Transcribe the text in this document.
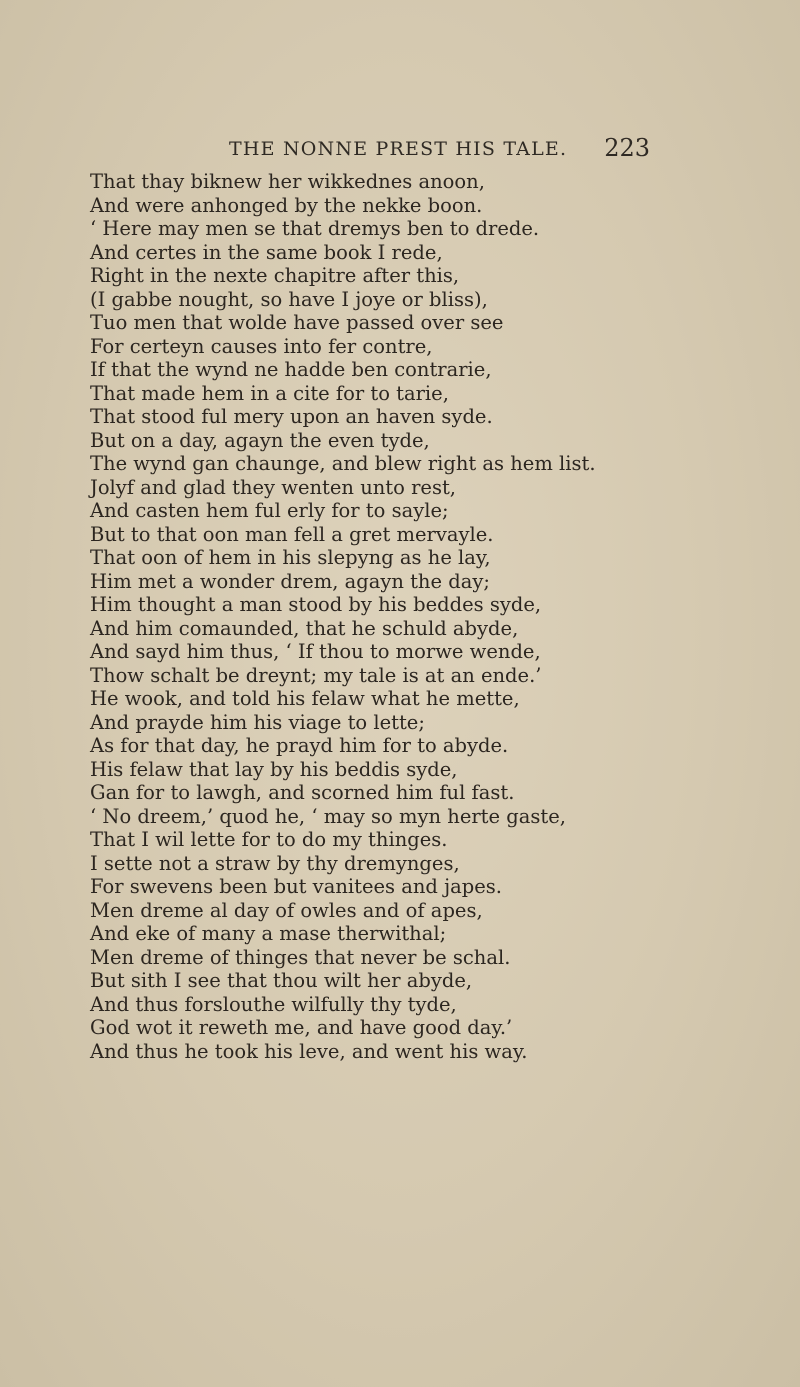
THE NONNE PREST HIS TALE. 223
That thay biknew her wikkednes anoon,
And were anhonged by the nekke boon.
‘ Here may men se that dremys ben to drede.
And certes in the same book I rede,
Right in the nexte chapitre after this,
(I gabbe nought, so have I joye or bliss),
Tuo men that wolde have passed over see
For certeyn causes into fer contre,
If that the wynd ne hadde ben contrarie,
That made hem in a cite for to tarie,
That stood ful mery upon an haven syde.
But on a day, agayn the even tyde,
The wynd gan chaunge, and blew right as hem list.
Jolyf and glad they wenten unto rest,
And casten hem ful erly for to sayle;
But to that oon man fell a gret mervayle.
That oon of hem in his slepyng as he lay,
Him met a wonder drem, agayn the day;
Him thought a man stood by his beddes syde,
And him comaunded, that he schuld abyde,
And sayd him thus, ‘ If thou to morwe wende,
Thow schalt be dreynt; my tale is at an ende.’
He wook, and told his felaw what he mette,
And prayde him his viage to lette;
As for that day, he prayd him for to abyde.
His felaw that lay by his beddis syde,
Gan for to lawgh, and scorned him ful fast.
‘ No dreem,’ quod he, ‘ may so myn herte gaste,
That I wil lette for to do my thinges.
I sette not a straw by thy dremynges,
For swevens been but vanitees and japes.
Men dreme al day of owles and of apes,
And eke of many a mase therwithal;
Men dreme of thinges that never be schal.
But sith I see that thou wilt her abyde,
And thus forslouthe wilfully thy tyde,
God wot it reweth me, and have good day.’
And thus he took his leve, and went his way.
